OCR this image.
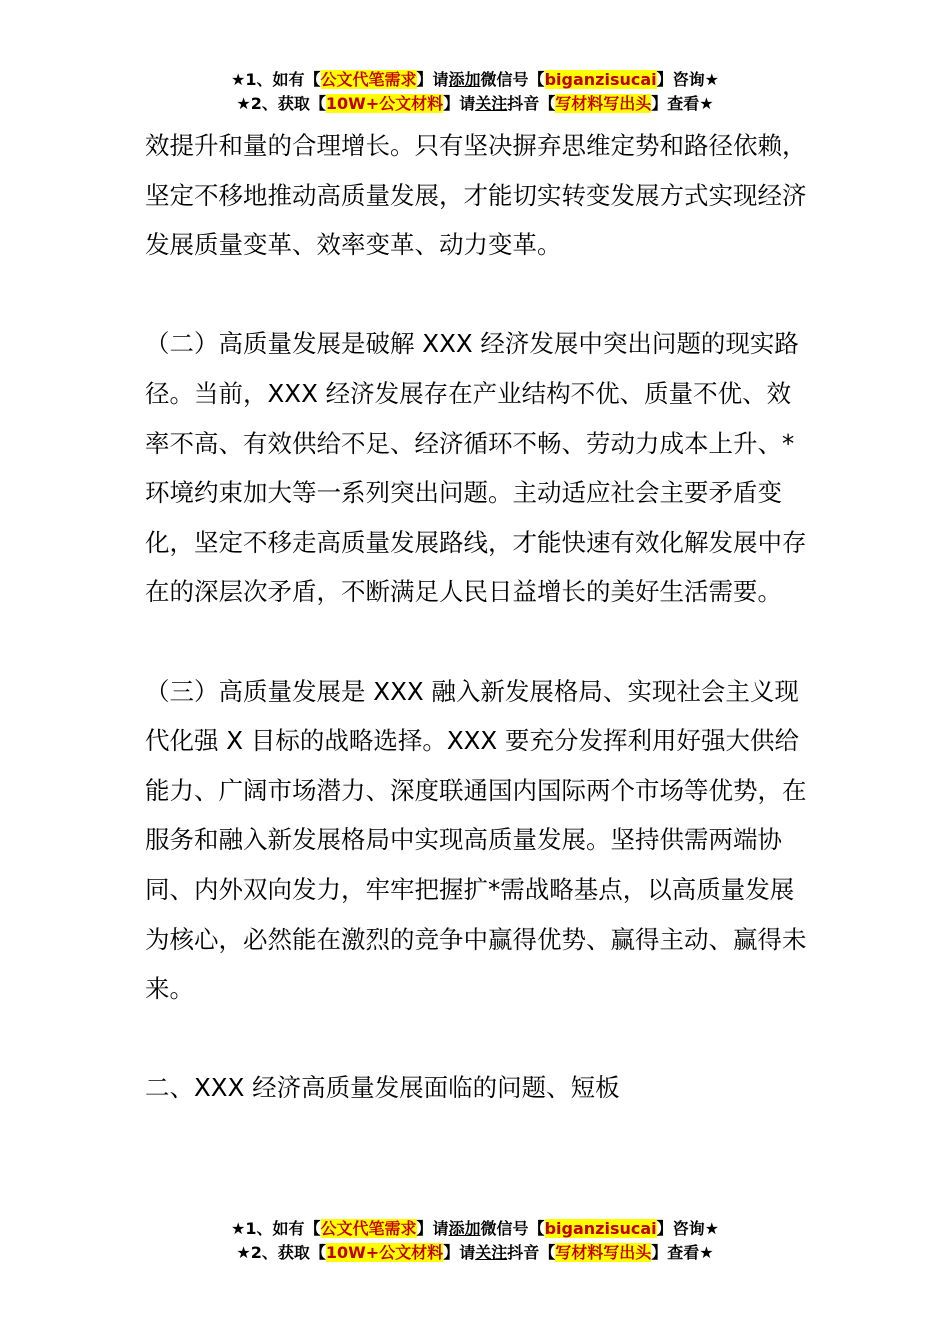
★1、如有【公文代笔需求】请添加微信号【biganzisucai】咨询★
★2、获取【10W+公文材料】请关注抖音【写材料写出头】查看★

效提升和量的合理增长。只有坚决摒弃思维定势和路径依赖，坚定不移地推动高质量发展，才能切实转变发展方式实现经济发展质量变革、效率变革、动力变革。

（二）高质量发展是破解 XXX 经济发展中突出问题的现实路径。当前，XXX 经济发展存在产业结构不优、质量不优、效率不高、有效供给不足、经济循环不畅、劳动力成本上升、*环境约束加大等一系列突出问题。主动适应社会主要矛盾变化，坚定不移走高质量发展路线，才能快速有效化解发展中存在的深层次矛盾，不断满足人民日益增长的美好生活需要。

（三）高质量发展是 XXX 融入新发展格局、实现社会主义现代化强 X 目标的战略选择。XXX 要充分发挥利用好强大供给能力、广阔市场潜力、深度联通国内国际两个市场等优势，在服务和融入新发展格局中实现高质量发展。坚持供需两端协同、内外双向发力，牢牢把握扩*需战略基点，以高质量发展为核心，必然能在激烈的竞争中赢得优势、赢得主动、赢得未来。

二、XXX 经济高质量发展面临的问题、短板

★1、如有【公文代笔需求】请添加微信号【biganzisucai】咨询★
★2、获取【10W+公文材料】请关注抖音【写材料写出头】查看★
